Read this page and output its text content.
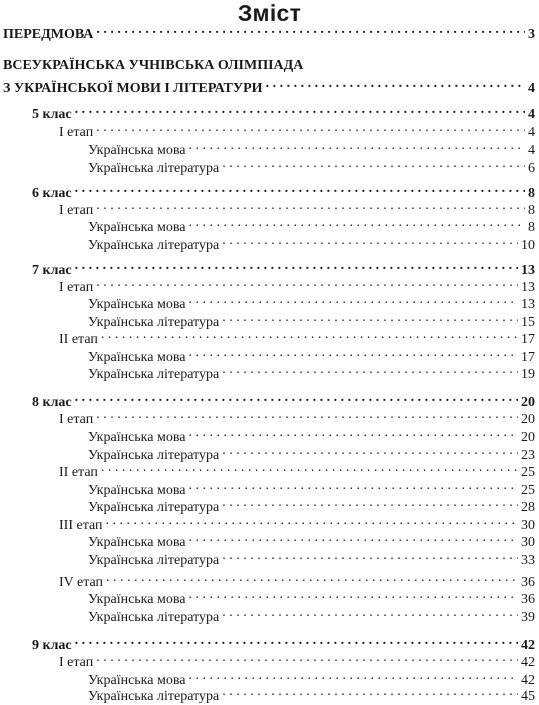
Зміст
ПЕРЕДМОВА . . .	3
ВСЕУКРАЇНСЬКА УЧНІВСЬКА ОЛІМПІАДА
З УКРАЇНСЬКОЇ МОВИ І ЛІТЕРАТУРИ . . .	4
5 клас . . .	4
І етап . . .	4
Українська мова . . .	4
Українська література . . .	6
6 клас . . .	8
І етап . . .	8
Українська мова . . .	8
Українська література . . .	10
7 клас . . .	13
І етап . . .	13
Українська мова . . .	13
Українська література . . .	15
ІІ етап . . .	17
Українська мова . . .	17
Українська література . . .	19
8 клас . . .	20
І етап . . .	20
Українська мова . . .	20
Українська література . . .	23
ІІ етап . . .	25
Українська мова . . .	25
Українська література . . .	28
ІІІ етап . . .	30
Українська мова . . .	30
Українська література . . .	33
ІV етап . . .	36
Українська мова . . .	36
Українська література . . .	39
9 клас . . .	42
І етап . . .	42
Українська мова . . .	42
Українська література . . .	45
